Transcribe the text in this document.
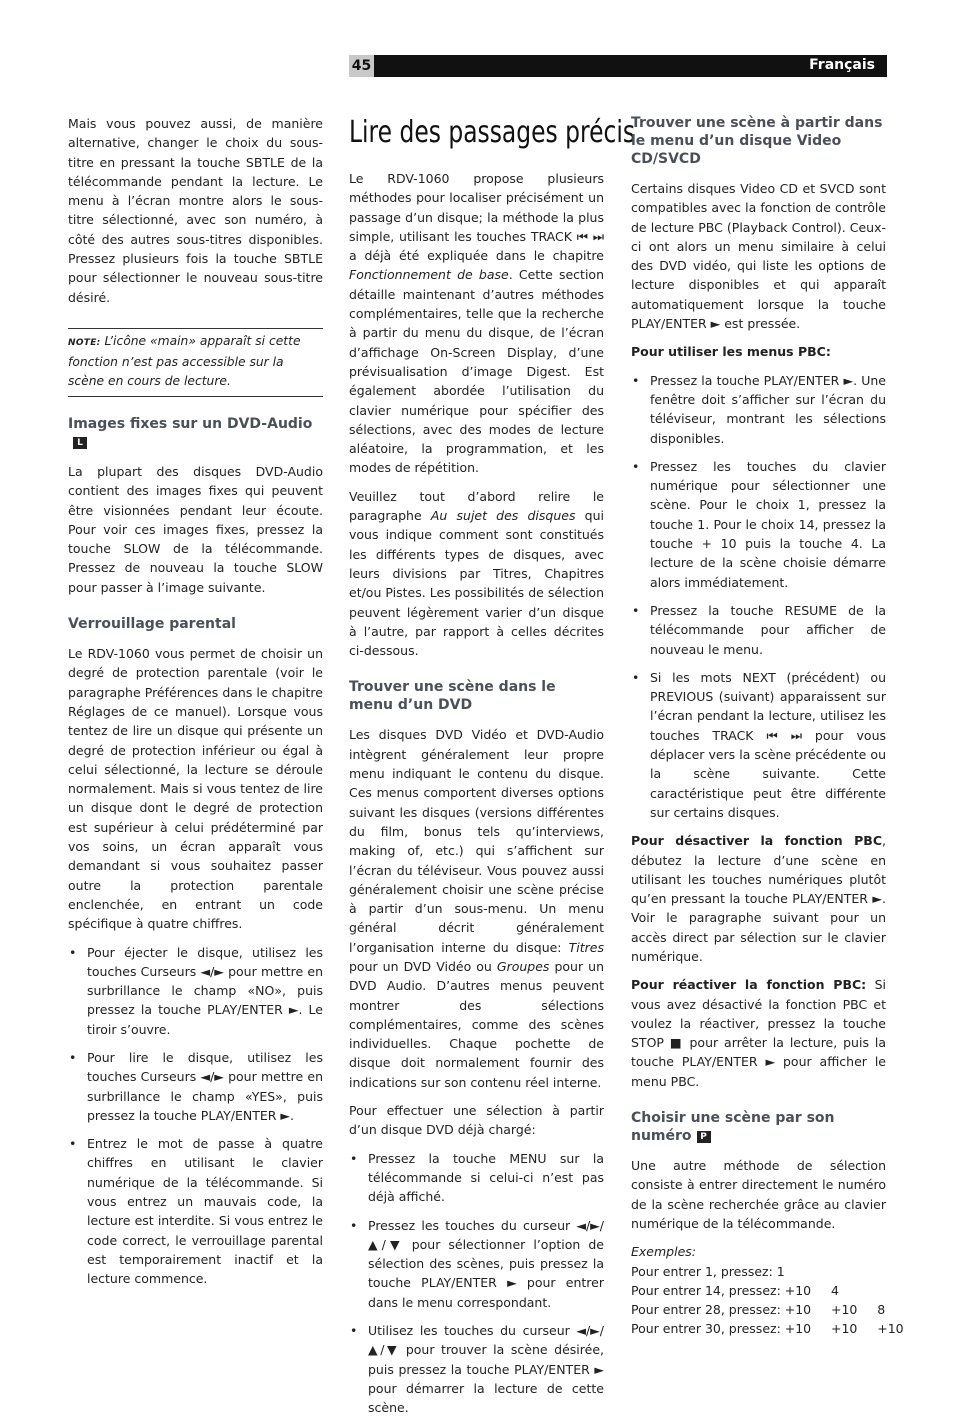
45	Français

Mais vous pouvez aussi, de manière alternative, changer le choix du sous-titre en pressant la touche SBTLE de la télécommande pendant la lecture. Le menu à l’écran montre alors le sous-titre sélectionné, avec son numéro, à côté des autres sous-titres disponibles. Pressez plusieurs fois la touche SBTLE pour sélectionner le nouveau sous-titre désiré.

NOTE: L’icône «main» apparaît si cette fonction n’est pas accessible sur la scène en cours de lecture.
Images fixes sur un DVD-AudioL

La plupart des disques DVD-Audio contient des images fixes qui peuvent être visionnées pendant leur écoute. Pour voir ces images fixes, pressez la touche SLOW de la télécommande. Pressez de nouveau la touche SLOW pour passer à l’image suivante.

Verrouillage parental

Le RDV-1060 vous permet de choisir un degré de protection parentale (voir le paragraphe Préférences dans le chapitre Réglages de ce manuel). Lorsque vous tentez de lire un disque qui présente un degré de protection inférieur ou égal à celui sélectionné, la lecture se déroule normalement. Mais si vous tentez de lire un disque dont le degré de protection est supérieur à celui prédéterminé par vos soins, un écran apparaît vous demandant si vous souhaitez passer outre la protection parentale enclenchée, en entrant un code spécifique à quatre chiffres.

• Pour éjecter le disque, utilisez les touches Curseurs ◄/► pour mettre en surbrillance le champ «NO», puis pressez la touche PLAY/ENTER ►. Le tiroir s’ouvre.
• Pour lire le disque, utilisez les touches Curseurs ◄/► pour mettre en surbrillance le champ «YES», puis pressez la touche PLAY/ENTER ►.
• Entrez le mot de passe à quatre chiffres en utilisant le clavier numérique de la télécommande. Si vous entrez un mauvais code, la lecture est interdite. Si vous entrez le code correct, le verrouillage parental est temporairement inactif et la lecture commence.
Lire des passages précis

Le RDV-1060 propose plusieurs méthodes pour localiser précisément un passage d’un disque; la méthode la plus simple, utilisant les touches TRACK ⏮ ⏭ a déjà été expliquée dans le chapitre Fonctionnement de base. Cette section détaille maintenant d’autres méthodes complémentaires, telle que la recherche à partir du menu du disque, de l’écran d’affichage On-Screen Display, d’une prévisualisation d’image Digest. Est également abordée l’utilisation du clavier numérique pour spécifier des sélections, avec des modes de lecture aléatoire, la programmation, et les modes de répétition.

Veuillez tout d’abord relire le paragraphe Au sujet des disques qui vous indique comment sont constitués les différents types de disques, avec leurs divisions par Titres, Chapitres et/ou Pistes. Les possibilités de sélection peuvent légèrement varier d’un disque à l’autre, par rapport à celles décrites ci-dessous.

Trouver une scène dans le menu d’un DVD

Les disques DVD Vidéo et DVD-Audio intègrent généralement leur propre menu indiquant le contenu du disque. Ces menus comportent diverses options suivant les disques (versions différentes du film, bonus tels qu’interviews, making of, etc.) qui s’affichent sur l’écran du téléviseur. Vous pouvez aussi généralement choisir une scène précise à partir d’un sous-menu. Un menu général décrit généralement l’organisation interne du disque: Titres pour un DVD Vidéo ou Groupes pour un DVD Audio. D’autres menus peuvent montrer des sélections complémentaires, comme des scènes individuelles. Chaque pochette de disque doit normalement fournir des indications sur son contenu réel interne.

Pour effectuer une sélection à partir d’un disque DVD déjà chargé:

• Pressez la touche MENU sur la télécommande si celui-ci n’est pas déjà affiché.
• Pressez les touches du curseur ◄/►/▲/▼ pour sélectionner l’option de sélection des scènes, puis pressez la touche PLAY/ENTER ► pour entrer dans le menu correspondant.
• Utilisez les touches du curseur ◄/►/▲/▼ pour trouver la scène désirée, puis pressez la touche PLAY/ENTER ► pour démarrer la lecture de cette scène.
Trouver une scène à partir dans le menu d’un disque Video CD/SVCD

Certains disques Video CD et SVCD sont compatibles avec la fonction de contrôle de lecture PBC (Playback Control). Ceux-ci ont alors un menu similaire à celui des DVD vidéo, qui liste les options de lecture disponibles et qui apparaît automatiquement lorsque la touche PLAY/ENTER ► est pressée.

Pour utiliser les menus PBC:

• Pressez la touche PLAY/ENTER ►. Une fenêtre doit s’afficher sur l’écran du téléviseur, montrant les sélections disponibles.
• Pressez les touches du clavier numérique pour sélectionner une scène. Pour le choix 1, pressez la touche 1. Pour le choix 14, pressez la touche + 10 puis la touche 4. La lecture de la scène choisie démarre alors immédiatement.
• Pressez la touche RESUME de la télécommande pour afficher de nouveau le menu.
• Si les mots NEXT (précédent) ou PREVIOUS (suivant) apparaissent sur l’écran pendant la lecture, utilisez les touches TRACK ⏮ ⏭ pour vous déplacer vers la scène précédente ou la scène suivante. Cette caractéristique peut être différente sur certains disques.

Pour désactiver la fonction PBC, débutez la lecture d’une scène en utilisant les touches numériques plutôt qu’en pressant la touche PLAY/ENTER ►. Voir le paragraphe suivant pour un accès direct par sélection sur le clavier numérique.

Pour réactiver la fonction PBC: Si vous avez désactivé la fonction PBC et voulez la réactiver, pressez la touche STOP ■ pour arrêter la lecture, puis la touche PLAY/ENTER ► pour afficher le menu PBC.

Choisir une scène par son numéro P

Une autre méthode de sélection consiste à entrer directement le numéro de la scène recherchée grâce au clavier numérique de la télécommande.

Exemples:

Pour entrer 1, pressez: 1

Pour entrer 14, pressez: +10     4

Pour entrer 28, pressez: +10     +10     8

Pour entrer 30, pressez: +10     +10     +10
